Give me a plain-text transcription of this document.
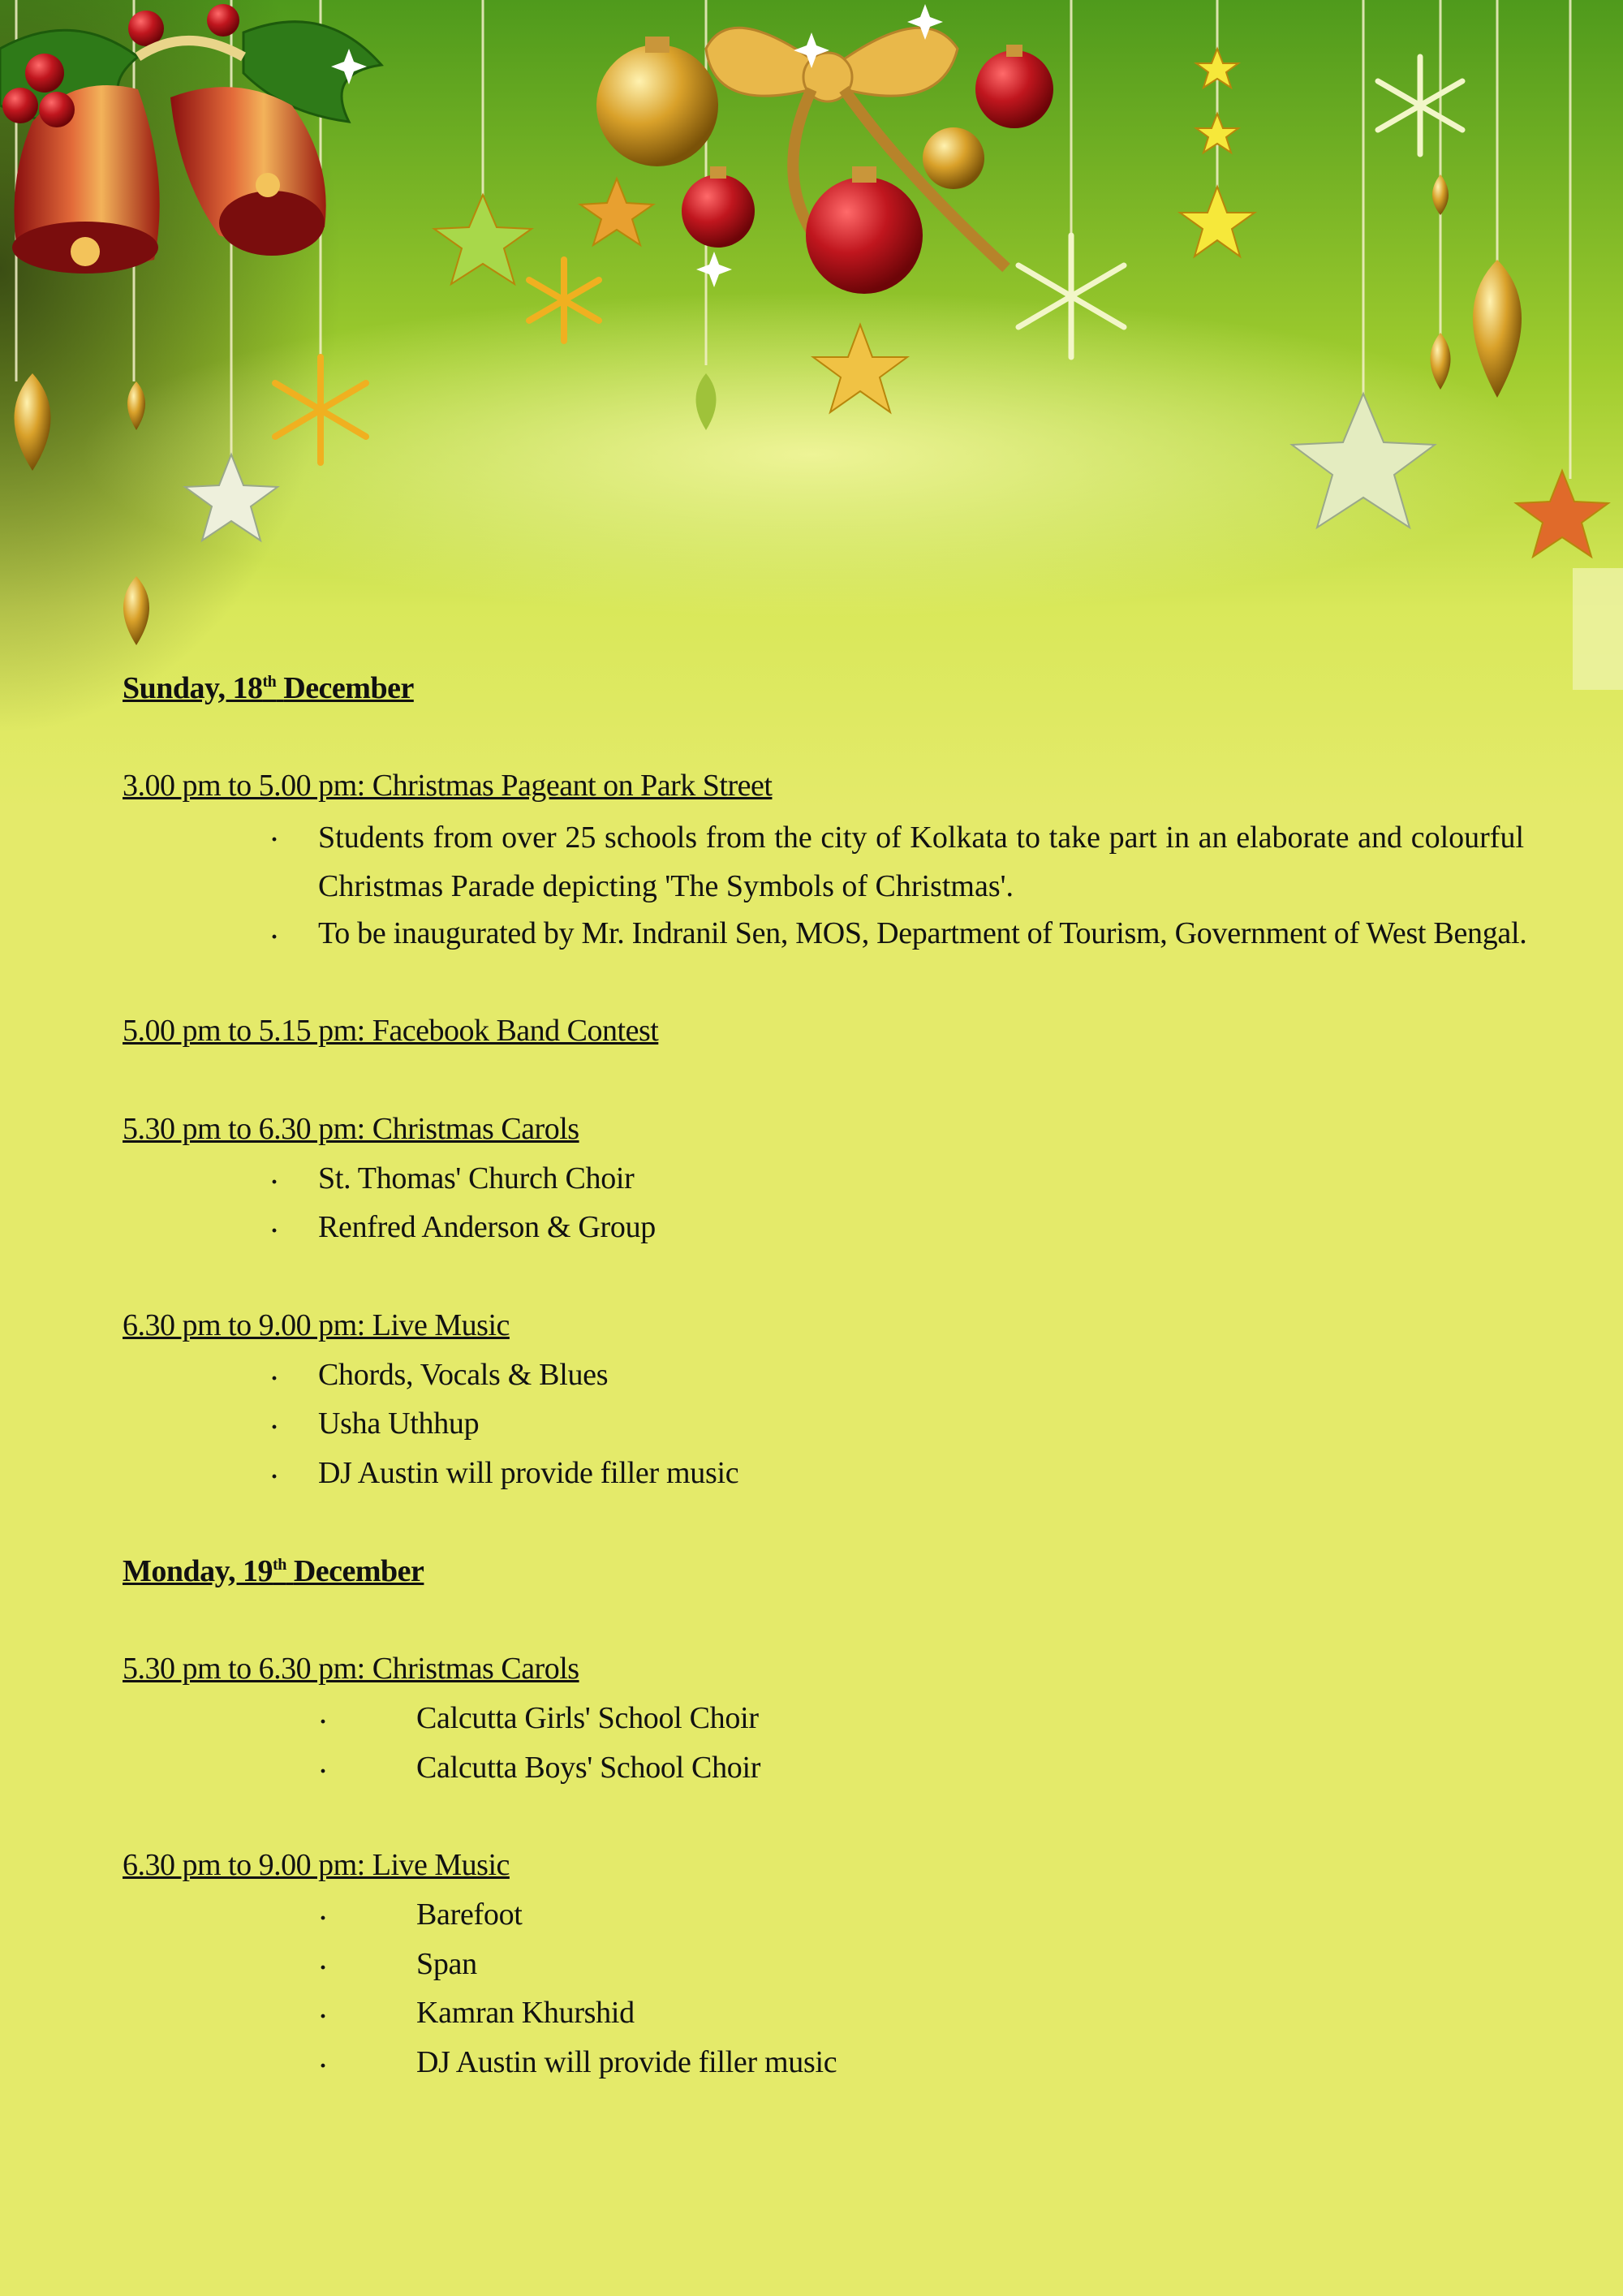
Sunday, 18th December
3.00 pm to 5.00 pm: Christmas Pageant on Park Street
· Students from over 25 schools from the city of Kolkata to take part in an elaborate and colourful Christmas Parade depicting 'The Symbols of Christmas'.
· To be inaugurated by Mr. Indranil Sen, MOS, Department of Tourism, Government of West Bengal.
5.00 pm to 5.15 pm: Facebook Band Contest
5.30 pm to 6.30 pm: Christmas Carols
· St. Thomas' Church Choir
· Renfred Anderson & Group
6.30 pm to 9.00 pm: Live Music
· Chords, Vocals & Blues
· Usha Uthhup
· DJ Austin will provide filler music
Monday, 19th December
5.30 pm to 6.30 pm: Christmas Carols
·	Calcutta Girls' School Choir
·	Calcutta Boys' School Choir
6.30 pm to 9.00 pm: Live Music
·	Barefoot
·	Span
·	Kamran Khurshid
·	DJ Austin will provide filler music
